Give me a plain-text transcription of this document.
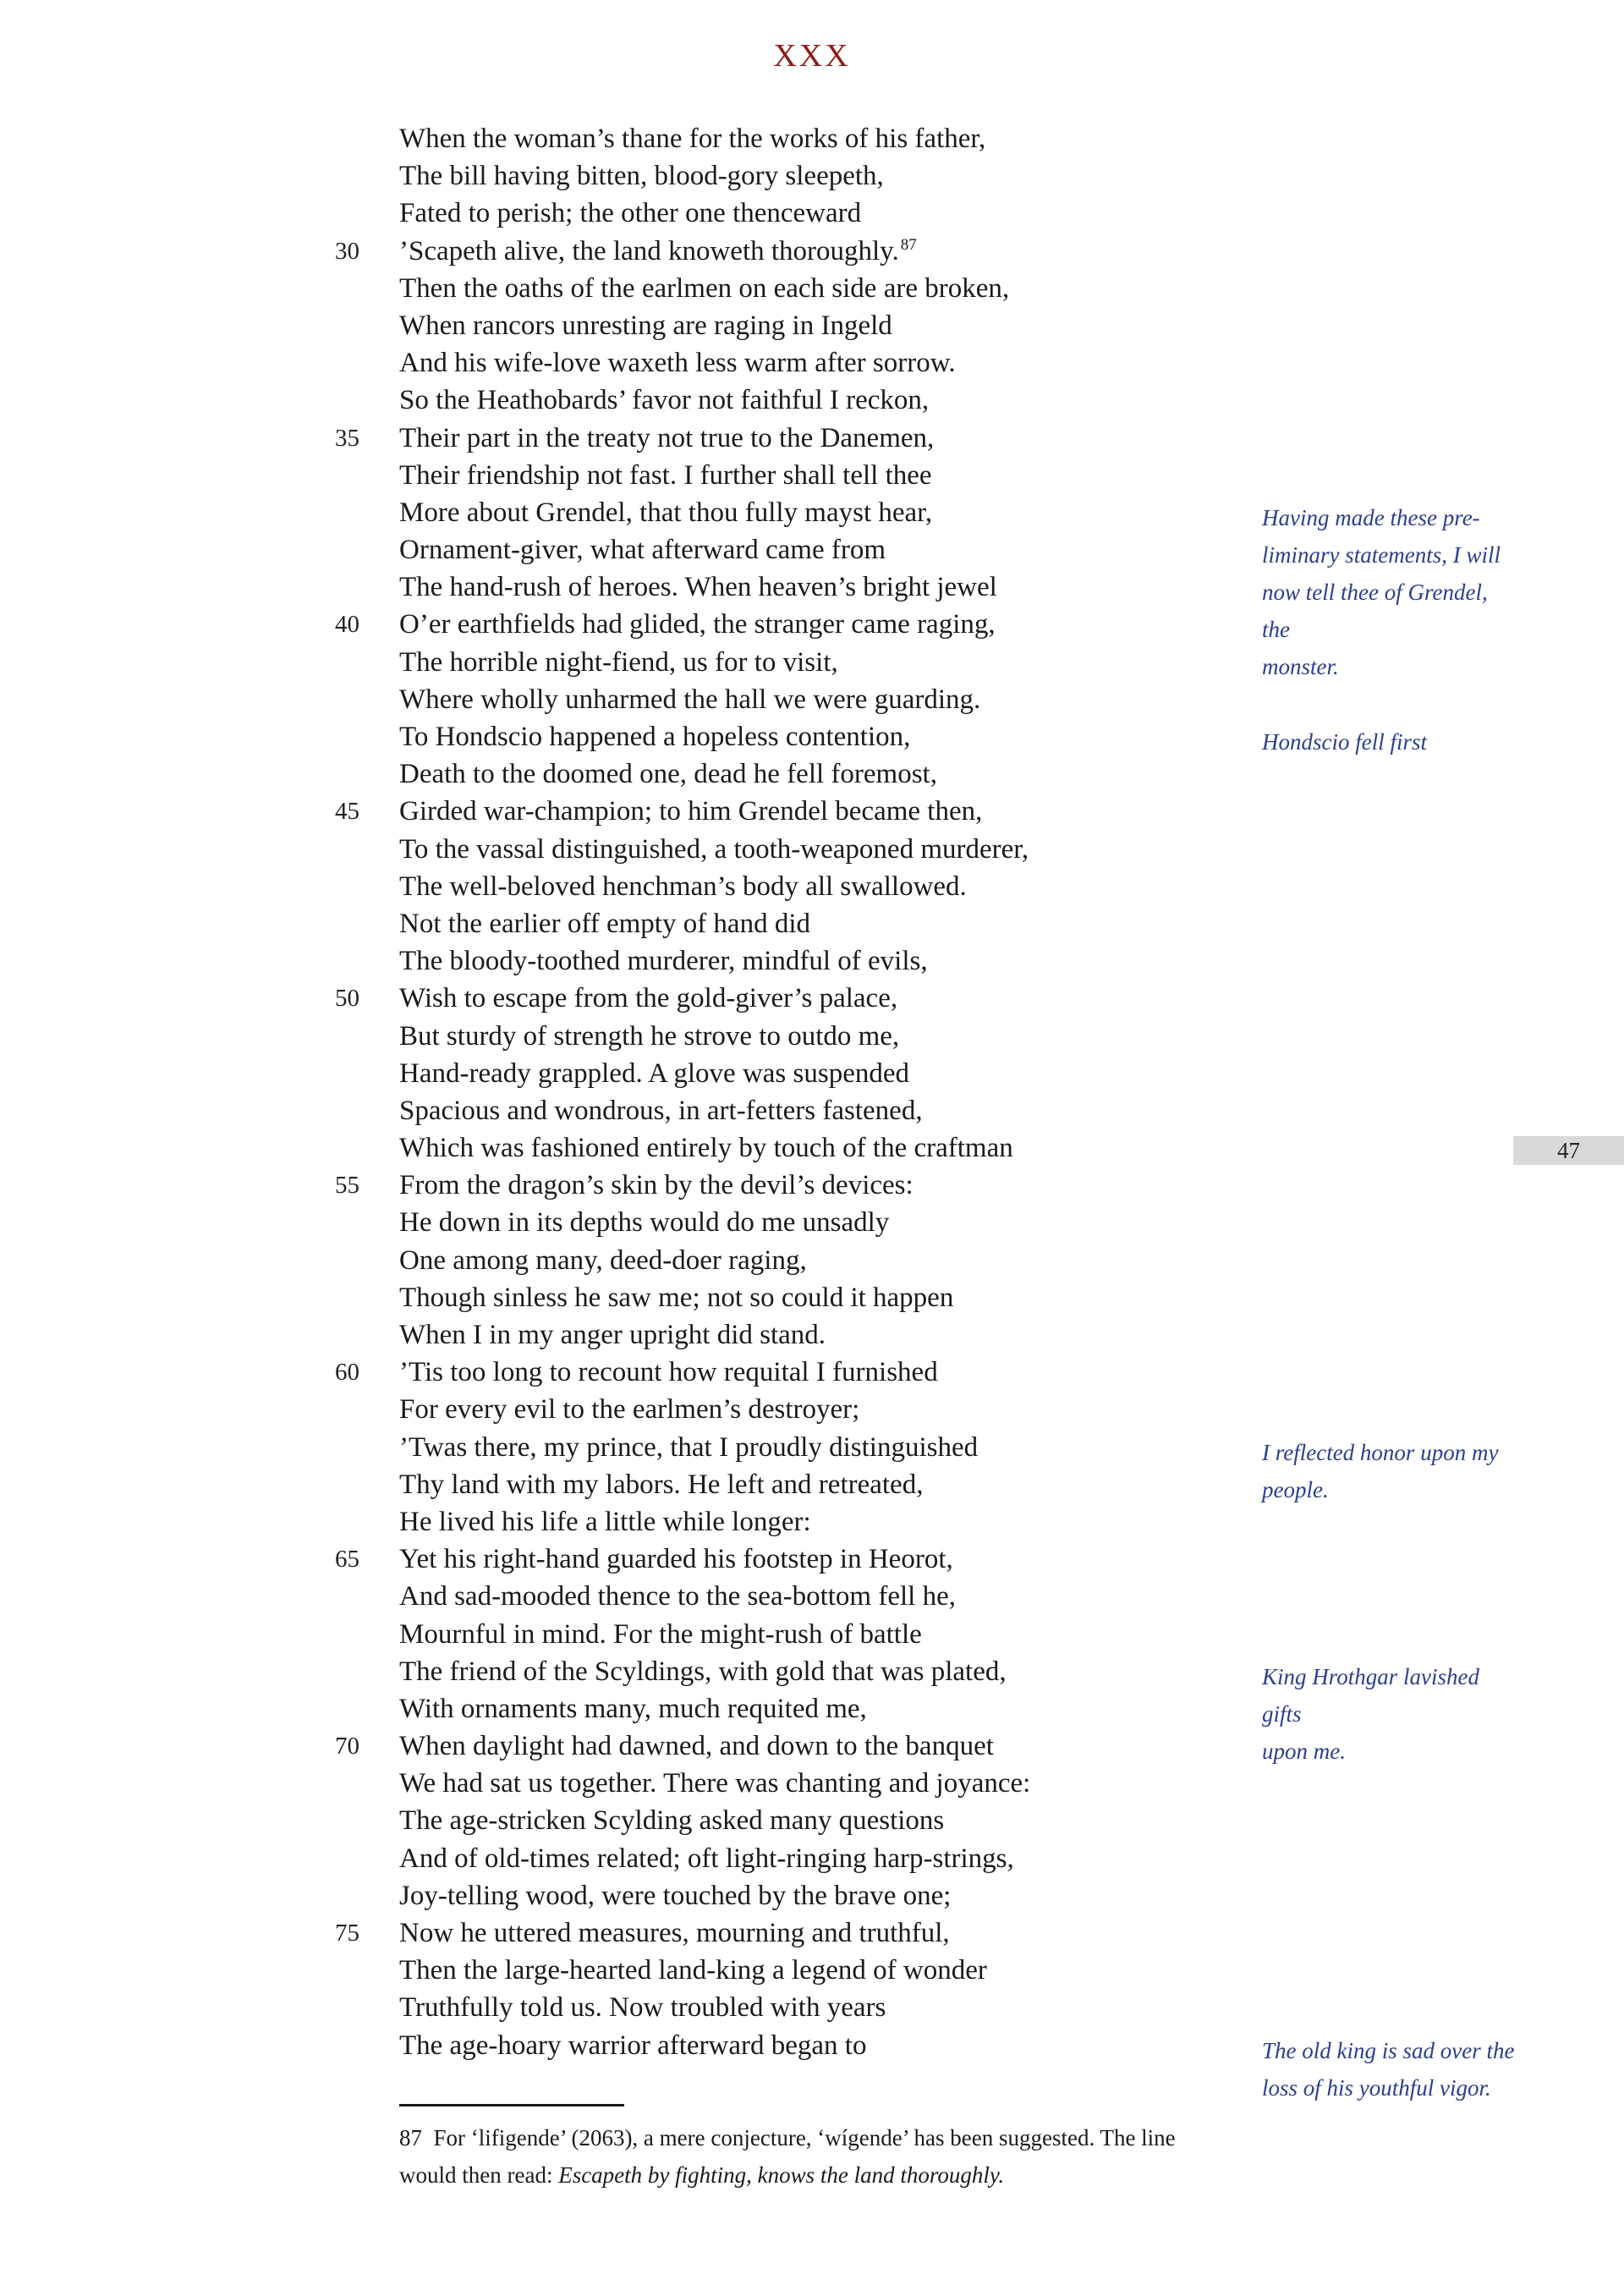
XXX
When the woman’s thane for the works of his father,
The bill having bitten, blood-gory sleepeth,
Fated to perish; the other one thenceward
30	’Scapeth alive, the land knoweth thoroughly. $^{87}$
Then the oaths of the earlmen on each side are broken,
When rancors unresting are raging in Ingeld
And his wife-love waxeth less warm after sorrow.
So the Heathobards’ favor not faithful I reckon,
35	Their part in the treaty not true to the Danemen,
Their friendship not fast. I further shall tell thee
More about Grendel, that thou fully mayst hear,
Ornament-giver, what afterward came from
The hand-rush of heroes. When heaven’s bright jewel
40	O’er earthfields had glided, the stranger came raging,
The horrible night-fiend, us for to visit,
Where wholly unharmed the hall we were guarding.
To Hondscio happened a hopeless contention,
Death to the doomed one, dead he fell foremost,
45	Girded war-champion; to him Grendel became then,
To the vassal distinguished, a tooth-weaponed murderer,
The well-beloved henchman’s body all swallowed.
Not the earlier off empty of hand did
The bloody-toothed murderer, mindful of evils,
50	Wish to escape from the gold-giver’s palace,
But sturdy of strength he strove to outdo me,
Hand-ready grappled. A glove was suspended
Spacious and wondrous, in art-fetters fastened,
Which was fashioned entirely by touch of the craftman
55	From the dragon’s skin by the devil’s devices:
He down in its depths would do me unsadly
One among many, deed-doer raging,
Though sinless he saw me; not so could it happen
When I in my anger upright did stand.
60	’Tis too long to recount how requital I furnished
For every evil to the earlmen’s destroyer;
’Twas there, my prince, that I proudly distinguished
Thy land with my labors. He left and retreated,
He lived his life a little while longer:
65	Yet his right-hand guarded his footstep in Heorot,
And sad-mooded thence to the sea-bottom fell he,
Mournful in mind. For the might-rush of battle
The friend of the Scyldings, with gold that was plated,
With ornaments many, much requited me,
70	When daylight had dawned, and down to the banquet
We had sat us together. There was chanting and joyance:
The age-stricken Scylding asked many questions
And of old-times related; oft light-ringing harp-strings,
Joy-telling wood, were touched by the brave one;
75	Now he uttered measures, mourning and truthful,
Then the large-hearted land-king a legend of wonder
Truthfully told us. Now troubled with years
The age-hoary warrior afterward began to
Having made these pre-
liminary statements, I will
now tell thee of Grendel, the
monster.
Hondscio fell first
I reflected honor upon my
people.
King Hrothgar lavished gifts
upon me.
The old king is sad over the
loss of his youthful vigor.
47
87 For ‘lifigende’ (2063), a mere conjecture, ‘wígende’ has been suggested. The line would then read: Escapeth by fighting, knows the land thoroughly.
